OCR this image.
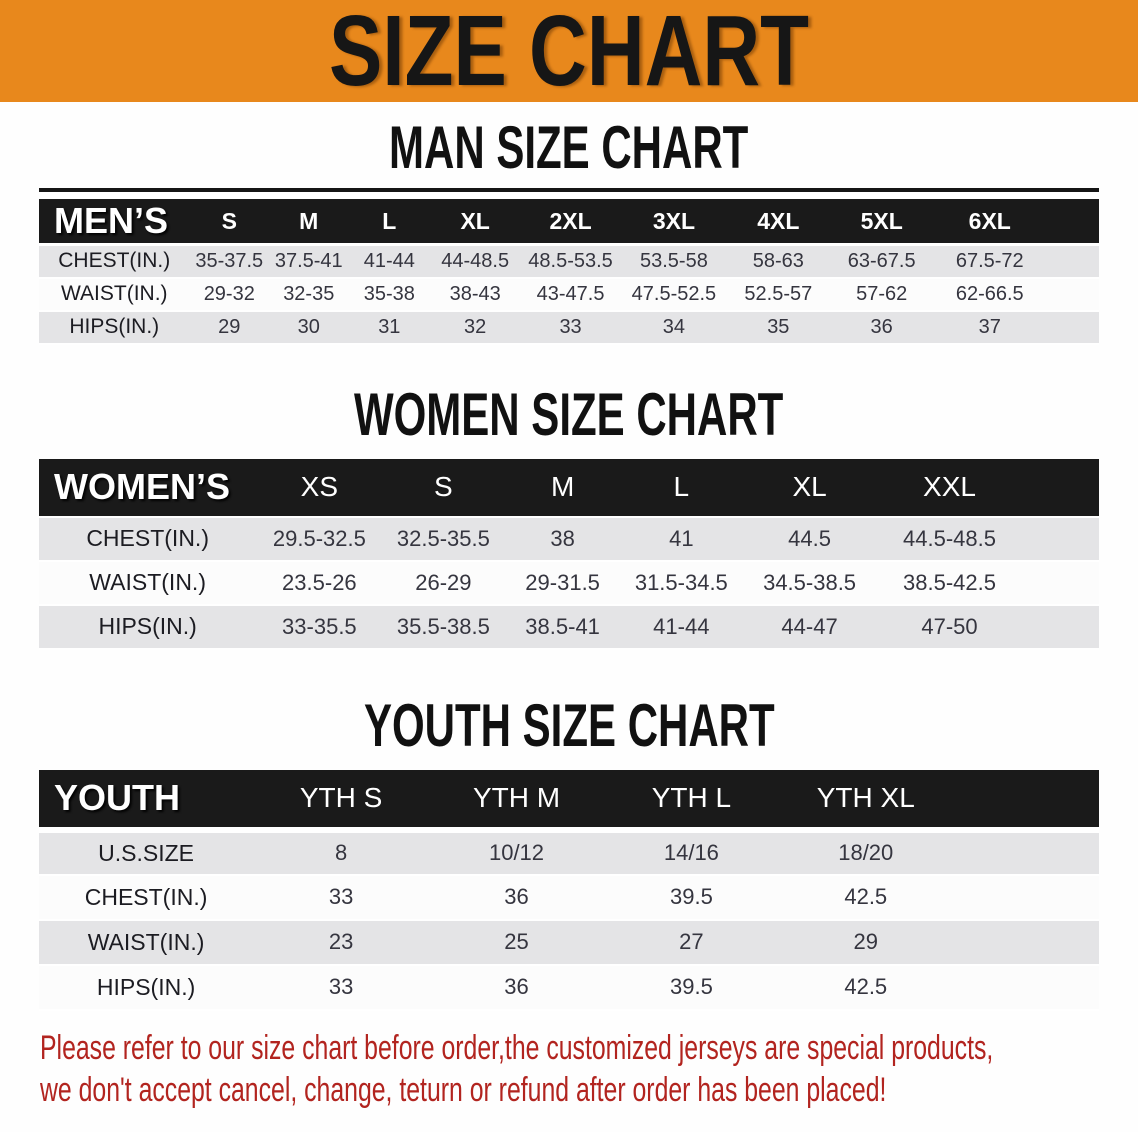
SIZE CHART
MAN SIZE CHART
MEN’S	S	M	L	XL	2XL	3XL	4XL	5XL	6XL	
CHEST(IN.)	35-37.5	37.5-41	41-44	44-48.5	48.5-53.5	53.5-58	58-63	63-67.5	67.5-72	
WAIST(IN.)	29-32	32-35	35-38	38-43	43-47.5	47.5-52.5	52.5-57	57-62	62-66.5	
HIPS(IN.)	29	30	31	32	33	34	35	36	37	
WOMEN SIZE CHART
WOMEN’S	XS	S	M	L	XL	XXL	
CHEST(IN.)	29.5-32.5	32.5-35.5	38	41	44.5	44.5-48.5	
WAIST(IN.)	23.5-26	26-29	29-31.5	31.5-34.5	34.5-38.5	38.5-42.5	
HIPS(IN.)	33-35.5	35.5-38.5	38.5-41	41-44	44-47	47-50	
YOUTH SIZE CHART
YOUTH	YTH S	YTH M	YTH L	YTH XL	
U.S.SIZE	8	10/12	14/16	18/20	
CHEST(IN.)	33	36	39.5	42.5	
WAIST(IN.)	23	25	27	29	
HIPS(IN.)	33	36	39.5	42.5	

Please refer to our size chart before order,the customized jerseys are special products,
we don't accept cancel, change, teturn or refund after order has been placed!
